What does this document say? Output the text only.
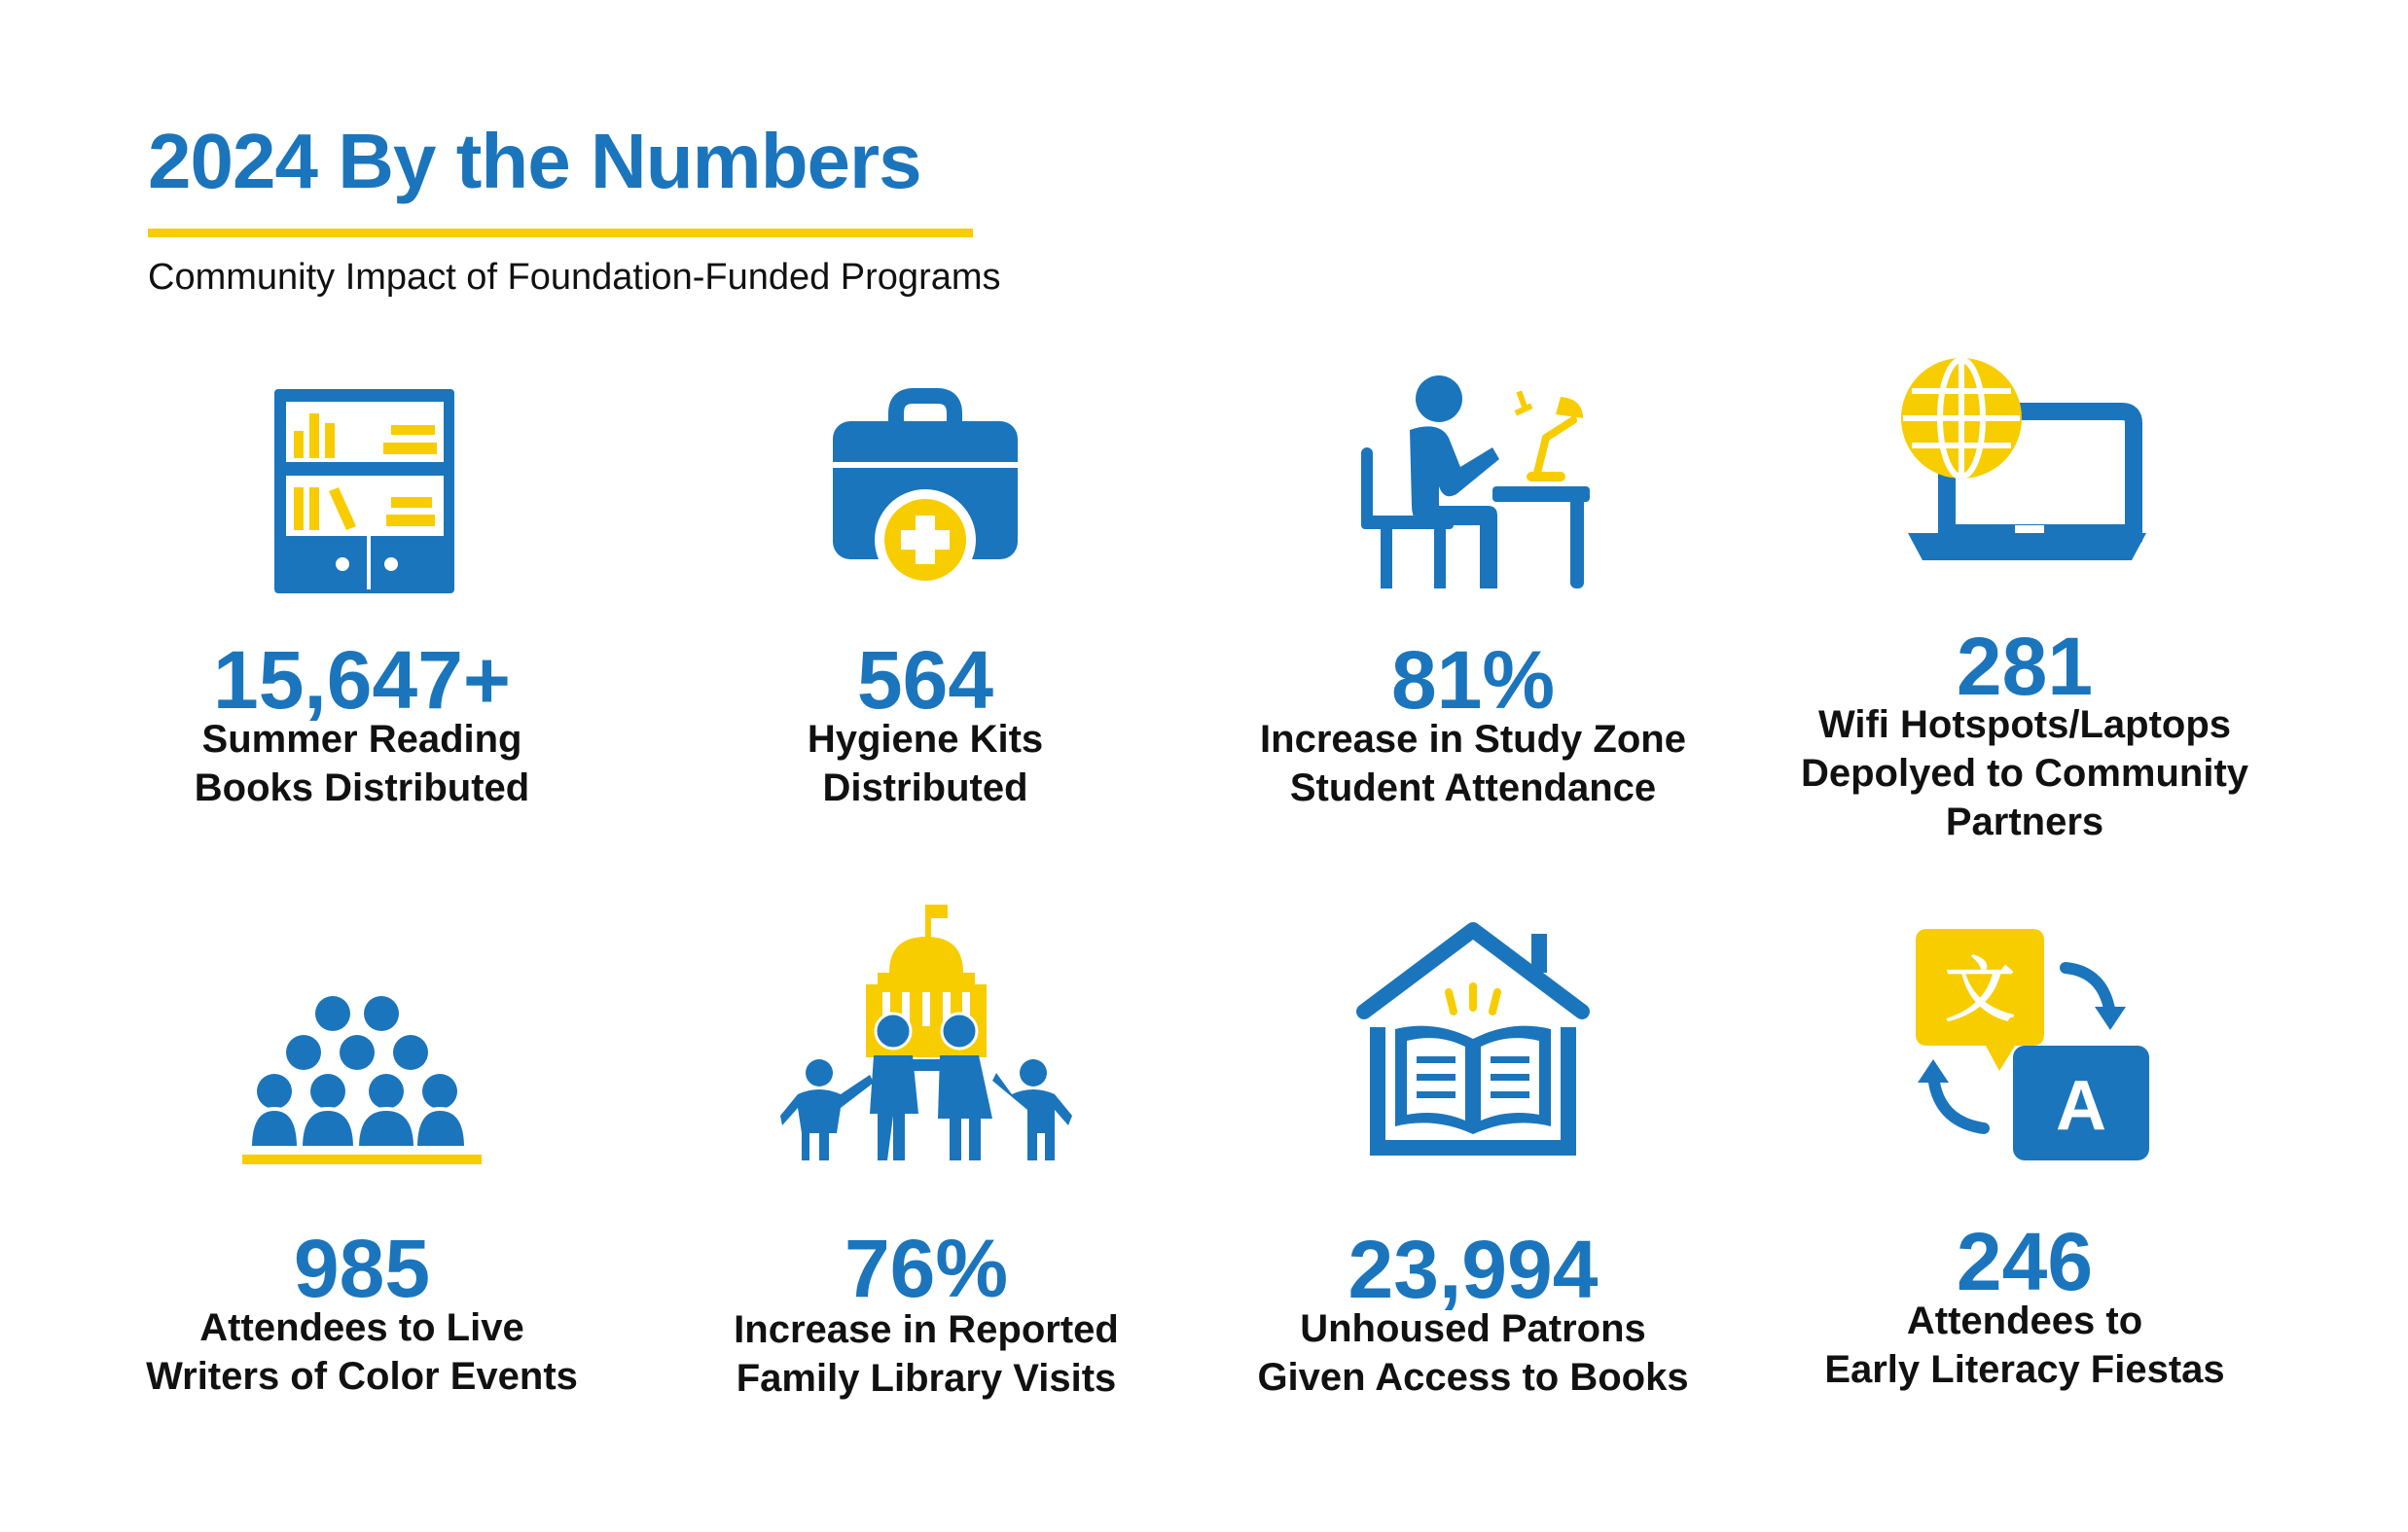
2024 By the Numbers
Community Impact of Foundation-Funded Programs
15,647+
Summer Reading
Books Distributed
564
Hygiene Kits
Distributed
81%
Increase in Study Zone
Student Attendance
281
Wifi Hotspots/Laptops
Depolyed to Community
Partners
985
Attendees to Live
Writers of Color Events
76%
Increase in Reported
Family Library Visits
23,994
Unhoused Patrons
Given Access to Books
文
A
246
Attendees to
Early Literacy Fiestas
